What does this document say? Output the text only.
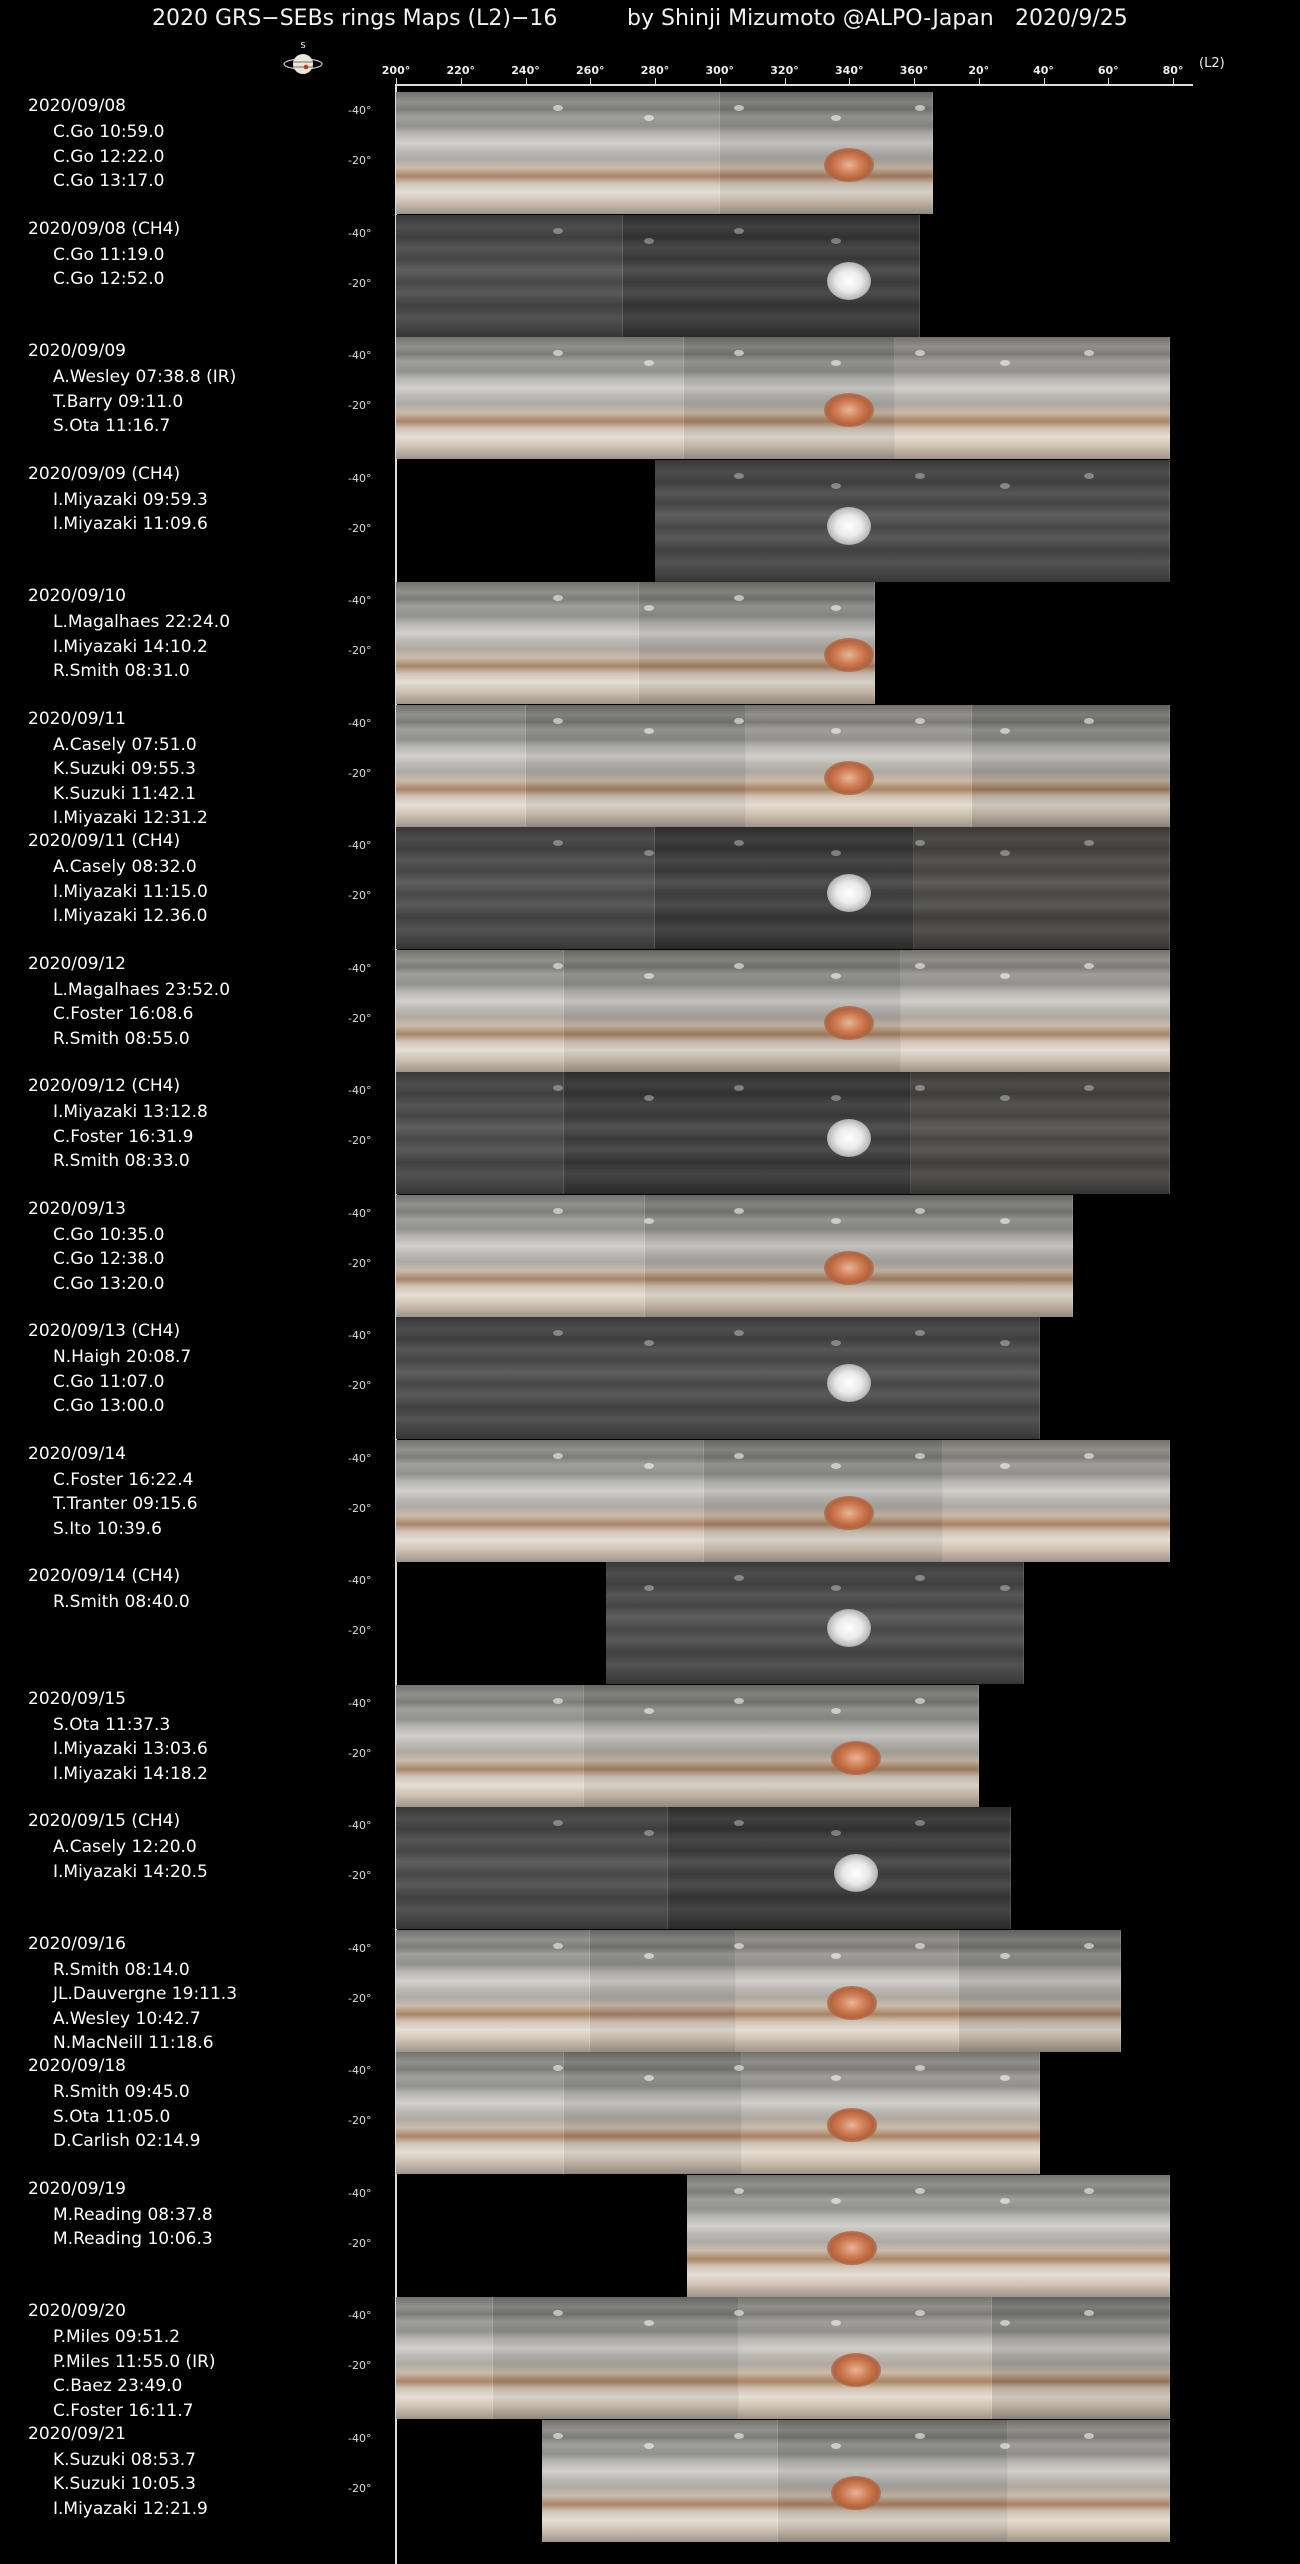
2020 GRS−SEBs rings Maps (L2)−16	by Shinji Mizumoto @ALPO-Japan 2020/9/25
S
200°	220°	240°	260°	280°	300°	320°	340°	360°	20°	40°	60°	80° (L2)
2020/09/08
C.Go 10:59.0
C.Go 12:22.0
C.Go 13:17.0
-40°
-20°
2020/09/08 (CH4)
C.Go 11:19.0
C.Go 12:52.0
-40°
-20°
2020/09/09
A.Wesley 07:38.8 (IR)
T.Barry 09:11.0
S.Ota 11:16.7
-40°
-20°
2020/09/09 (CH4)
I.Miyazaki 09:59.3
I.Miyazaki 11:09.6
-40°
-20°
2020/09/10
L.Magalhaes 22:24.0
I.Miyazaki 14:10.2
R.Smith 08:31.0
-40°
-20°
2020/09/11
A.Casely 07:51.0
K.Suzuki 09:55.3
K.Suzuki 11:42.1
I.Miyazaki 12:31.2
-40°
-20°
2020/09/11 (CH4)
A.Casely 08:32.0
I.Miyazaki 11:15.0
I.Miyazaki 12.36.0
-40°
-20°
2020/09/12
L.Magalhaes 23:52.0
C.Foster 16:08.6
R.Smith 08:55.0
-40°
-20°
2020/09/12 (CH4)
I.Miyazaki 13:12.8
C.Foster 16:31.9
R.Smith 08:33.0
-40°
-20°
2020/09/13
C.Go 10:35.0
C.Go 12:38.0
C.Go 13:20.0
-40°
-20°
2020/09/13 (CH4)
N.Haigh 20:08.7
C.Go 11:07.0
C.Go 13:00.0
-40°
-20°
2020/09/14
C.Foster 16:22.4
T.Tranter 09:15.6
S.Ito 10:39.6
-40°
-20°
2020/09/14 (CH4)
R.Smith 08:40.0
-40°
-20°
2020/09/15
S.Ota 11:37.3
I.Miyazaki 13:03.6
I.Miyazaki 14:18.2
-40°
-20°
2020/09/15 (CH4)
A.Casely 12:20.0
I.Miyazaki 14:20.5
-40°
-20°
2020/09/16
R.Smith 08:14.0
JL.Dauvergne 19:11.3
A.Wesley 10:42.7
N.MacNeill 11:18.6
-40°
-20°
2020/09/18
R.Smith 09:45.0
S.Ota 11:05.0
D.Carlish 02:14.9
-40°
-20°
2020/09/19
M.Reading 08:37.8
M.Reading 10:06.3
-40°
-20°
2020/09/20
P.Miles 09:51.2
P.Miles 11:55.0 (IR)
C.Baez 23:49.0
C.Foster 16:11.7
-40°
-20°
2020/09/21
K.Suzuki 08:53.7
K.Suzuki 10:05.3
I.Miyazaki 12:21.9
-40°
-20°
